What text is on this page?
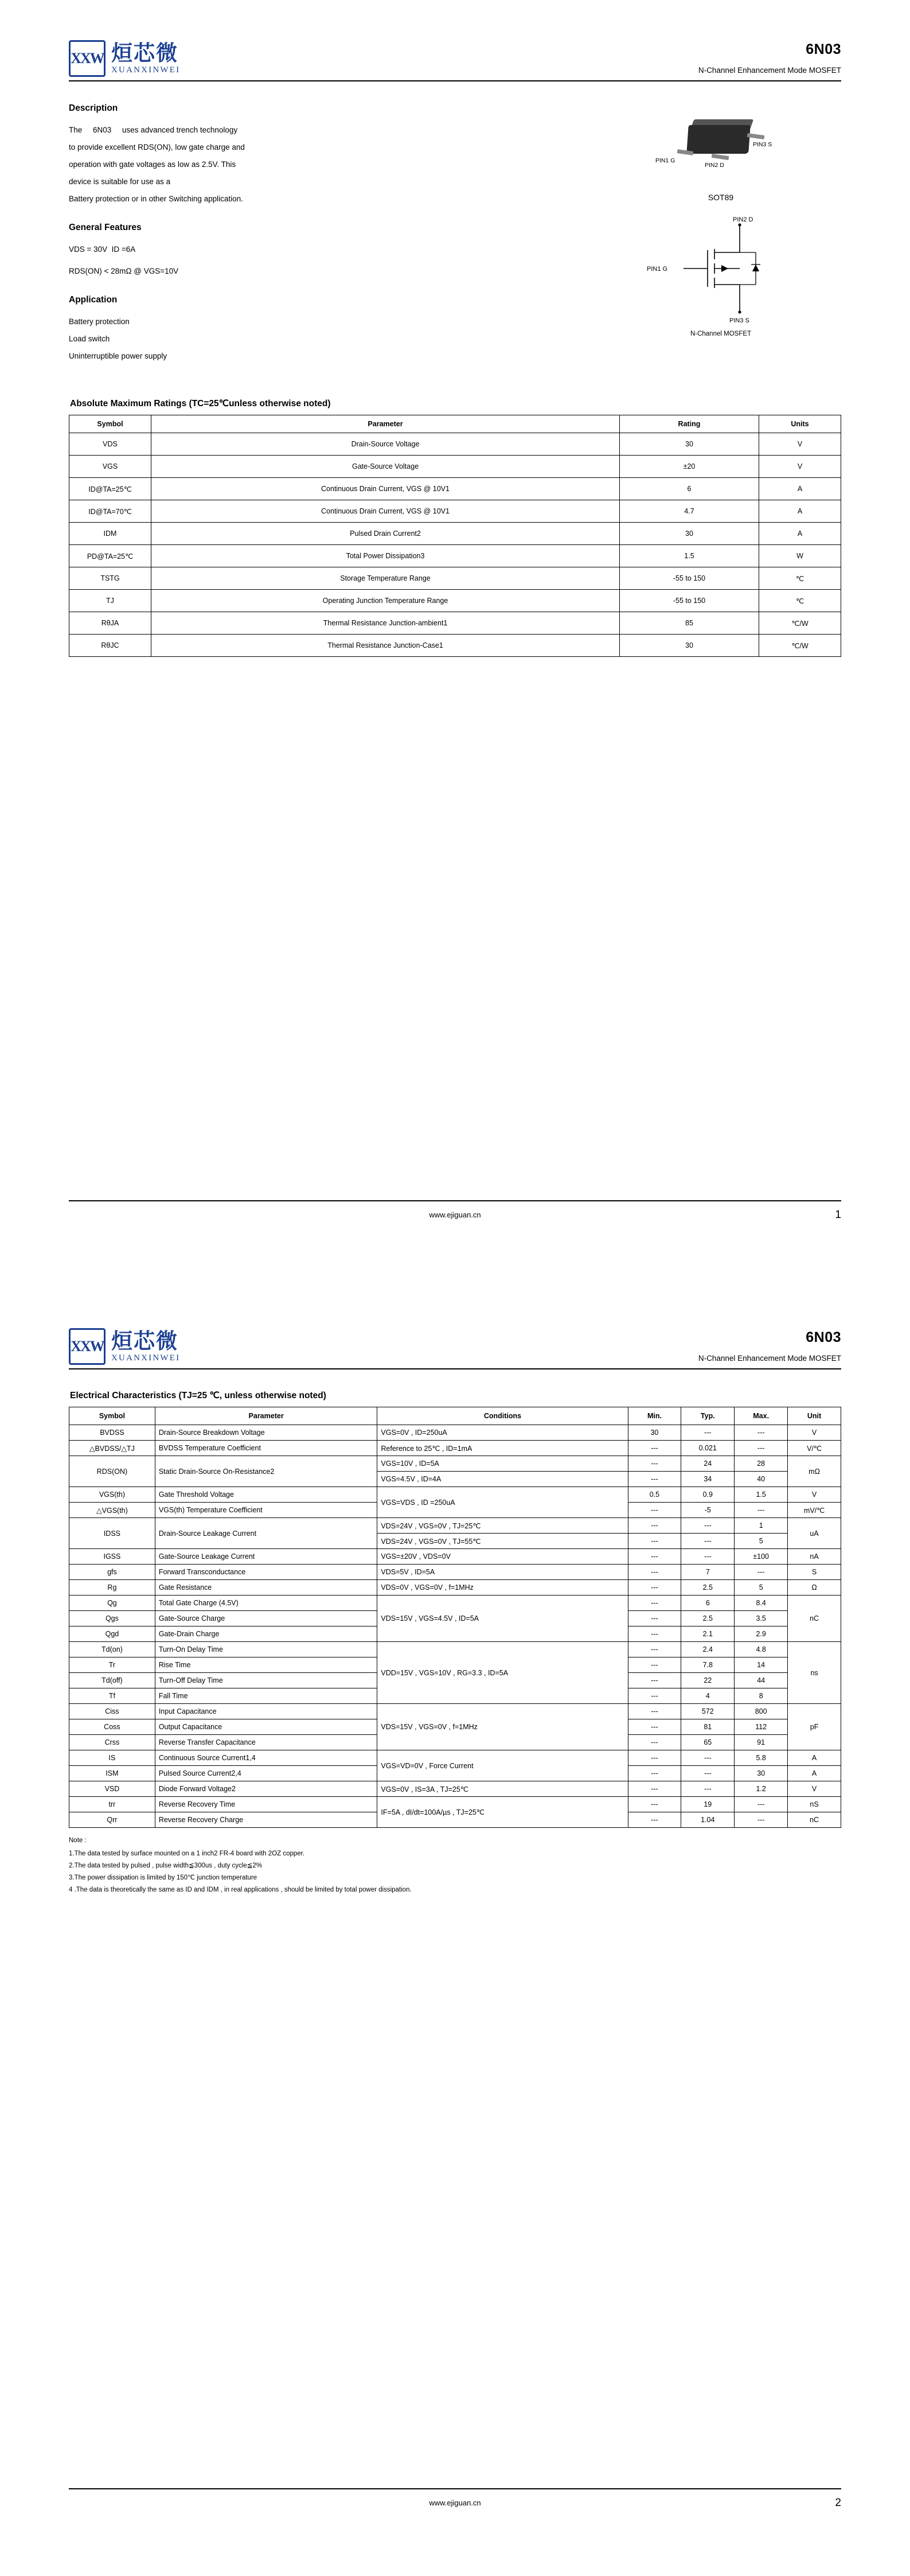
XXW 烜芯微
XUANXINWEI
6N03
N-Channel Enhancement Mode MOSFET
Description
The     6N03     uses advanced trench technology
to provide excellent RDS(ON), low gate charge and
operation with gate voltages as low as 2.5V. This
device is suitable for use as a
Battery protection or in other Switching application.
General Features
VDS = 30V  ID =6A
RDS(ON) < 28mΩ @ VGS=10V
Application
Battery protection
Load switch
Uninterruptible power supply
PIN1 G
PIN2 D
PIN3 S
SOT89
PIN2 D
PIN1 G
PIN3 S
N-Channel MOSFET
Absolute Maximum Ratings (TC=25℃unless otherwise noted)
Symbol	Parameter	Rating	Units
VDS	Drain-Source Voltage	30	V
VGS	Gate-Source Voltage	±20	V
ID@TA=25℃	Continuous Drain Current, VGS @ 10V1	6	A
ID@TA=70℃	Continuous Drain Current, VGS @ 10V1	4.7	A
IDM	Pulsed Drain Current2	30	A
PD@TA=25℃	Total Power Dissipation3	1.5	W
TSTG	Storage Temperature Range	-55 to 150	℃
TJ	Operating Junction Temperature Range	-55 to 150	℃
RθJA	Thermal Resistance Junction-ambient1	85	℃/W
RθJC	Thermal Resistance Junction-Case1	30	℃/W
www.ejiguan.cn	1
XXW 烜芯微
XUANXINWEI
6N03
N-Channel Enhancement Mode MOSFET
Electrical Characteristics (TJ=25 ℃, unless otherwise noted)
Symbol	Parameter	Conditions	Min.	Typ.	Max.	Unit
BVDSS	Drain-Source Breakdown Voltage	VGS=0V , ID=250uA	30	---	---	V
△BVDSS/△TJ	BVDSS Temperature Coefficient	Reference to 25℃ , ID=1mA	---	0.021	---	V/℃
RDS(ON)	Static Drain-Source On-Resistance2	VGS=10V , ID=5A	---	24	28	mΩ
		VGS=4.5V , ID=4A	---	34	40	
VGS(th)	Gate Threshold Voltage	VGS=VDS , ID =250uA	0.5	0.9	1.5	V
△VGS(th)	VGS(th) Temperature Coefficient		---	-5	---	mV/℃
IDSS	Drain-Source Leakage Current	VDS=24V , VGS=0V , TJ=25℃	---	---	1	uA
		VDS=24V , VGS=0V , TJ=55℃	---	---	5	
IGSS	Gate-Source Leakage Current	VGS=±20V , VDS=0V	---	---	±100	nA
gfs	Forward Transconductance	VDS=5V , ID=5A	---	7	---	S
Rg	Gate Resistance	VDS=0V , VGS=0V , f=1MHz	---	2.5	5	Ω
Qg	Total Gate Charge (4.5V)	VDS=15V , VGS=4.5V , ID=5A	---	6	8.4	nC
Qgs	Gate-Source Charge		---	2.5	3.5	
Qgd	Gate-Drain Charge		---	2.1	2.9	
Td(on)	Turn-On Delay Time	VDD=15V , VGS=10V , RG=3.3 , ID=5A	---	2.4	4.8	ns
Tr	Rise Time		---	7.8	14	
Td(off)	Turn-Off Delay Time		---	22	44	
Tf	Fall Time		---	4	8	
Ciss	Input Capacitance	VDS=15V , VGS=0V , f=1MHz	---	572	800	pF
Coss	Output Capacitance		---	81	112	
Crss	Reverse Transfer Capacitance		---	65	91	
IS	Continuous Source Current1,4	VGS=VD=0V , Force Current	---	---	5.8	A
ISM	Pulsed Source Current2,4		---	---	30	A
VSD	Diode Forward Voltage2	VGS=0V , IS=3A , TJ=25℃	---	---	1.2	V
trr	Reverse Recovery Time	IF=5A , dI/dt=100A/µs , TJ=25℃	---	19	---	nS
Qrr	Reverse Recovery Charge		---	1.04	---	nC
Note :
1.The data tested by surface mounted on a 1 inch2 FR-4 board with 2OZ copper.
2.The data tested by pulsed , pulse width≦300us , duty cycle≦2%
3.The power dissipation is limited by 150℃ junction temperature
4 .The data is theoretically the same as ID and IDM , in real applications , should be limited by total power dissipation.
www.ejiguan.cn	2
